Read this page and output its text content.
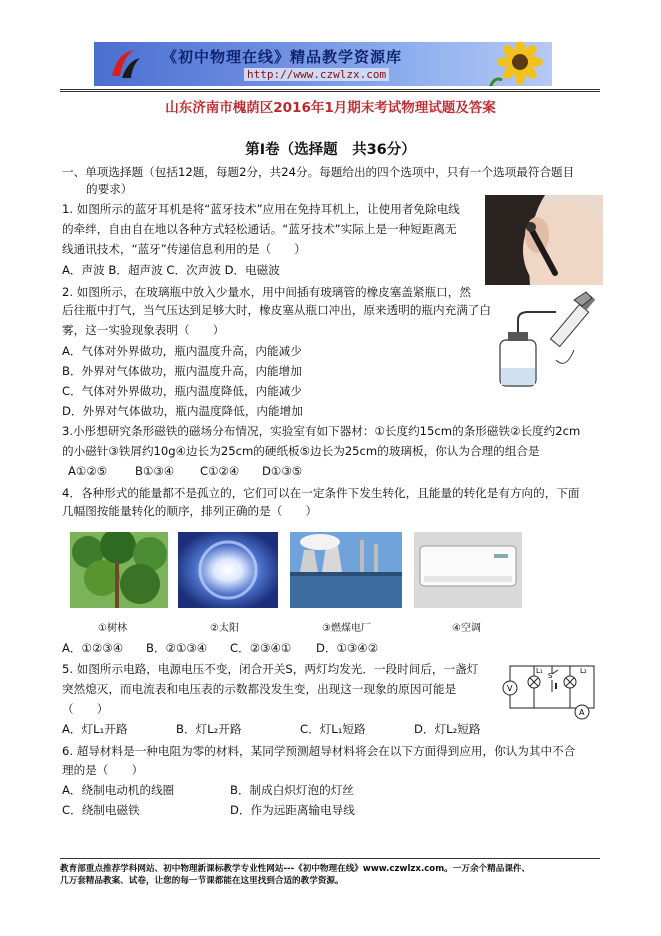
《初中物理在线》精品教学资源库
http://www.czwlzx.com
山东济南市槐荫区2016年1月期末考试物理试题及答案
第Ⅰ卷（选择题　共36分）
一、单项选择题（包括12题，每题2分，共24分。每题给出的四个选项中，只有一个选项最符合题目
的要求）
1. 如图所示的蓝牙耳机是将“蓝牙技术”应用在免持耳机上，让使用者免除电线
的牵绊，自由自在地以各种方式轻松通话。“蓝牙技术”实际上是一种短距离无
线通讯技术，“蓝牙”传递信息利用的是（　　）
A．声波 B．超声波 C．次声波 D．电磁波
2. 如图所示，在玻璃瓶中放入少量水，用中间插有玻璃管的橡皮塞盖紧瓶口，然
后往瓶中打气，当气压达到足够大时，橡皮塞从瓶口冲出，原来透明的瓶内充满了白
雾，这一实验现象表明（　　）
A．气体对外界做功，瓶内温度升高，内能减少
B．外界对气体做功，瓶内温度升高，内能增加
C．气体对外界做功，瓶内温度降低，内能减少
D．外界对气体做功，瓶内温度降低，内能增加
3.小彤想研究条形磁铁的磁场分布情况，实验室有如下器材：①长度约15cm的条形磁铁②长度约2cm
的小磁针③铁屑约10g④边长为25cm的硬纸板⑤边长为25cm的玻璃板，你认为合理的组合是
A①②⑤ B①③④ C①②④ D①③⑤
4．各种形式的能量都不是孤立的，它们可以在一定条件下发生转化，且能量的转化是有方向的，下面
几幅图按能量转化的顺序，排列正确的是（　　）
①树林	②太阳	③燃煤电厂	④空调
A．①②③④ B．②①③④ C．②③④① D．①③④②
5. 如图所示电路，电源电压不变，闭合开关S，两灯均发光．一段时间后，一盏灯
突然熄灭，而电流表和电压表的示数都没发生变，出现这一现象的原因可能是
（　　）
A．灯L₁开路	B．灯L₂开路	C．灯L₁短路	D．灯L₂短路
V
L₁
S
L₂
A
6. 超导材料是一种电阻为零的材料，某同学预测超导材料将会在以下方面得到应用，你认为其中不合
理的是（　　）
A．绕制电动机的线圈	B．制成白炽灯泡的灯丝
C．绕制电磁铁	D．作为远距离输电导线
教育部重点推荐学科网站、初中物理新课标教学专业性网站---《初中物理在线》www.czwlzx.com。一万余个精品课件、
几万套精品教案、试卷，让您的每一节课都能在这里找到合适的教学资源。
